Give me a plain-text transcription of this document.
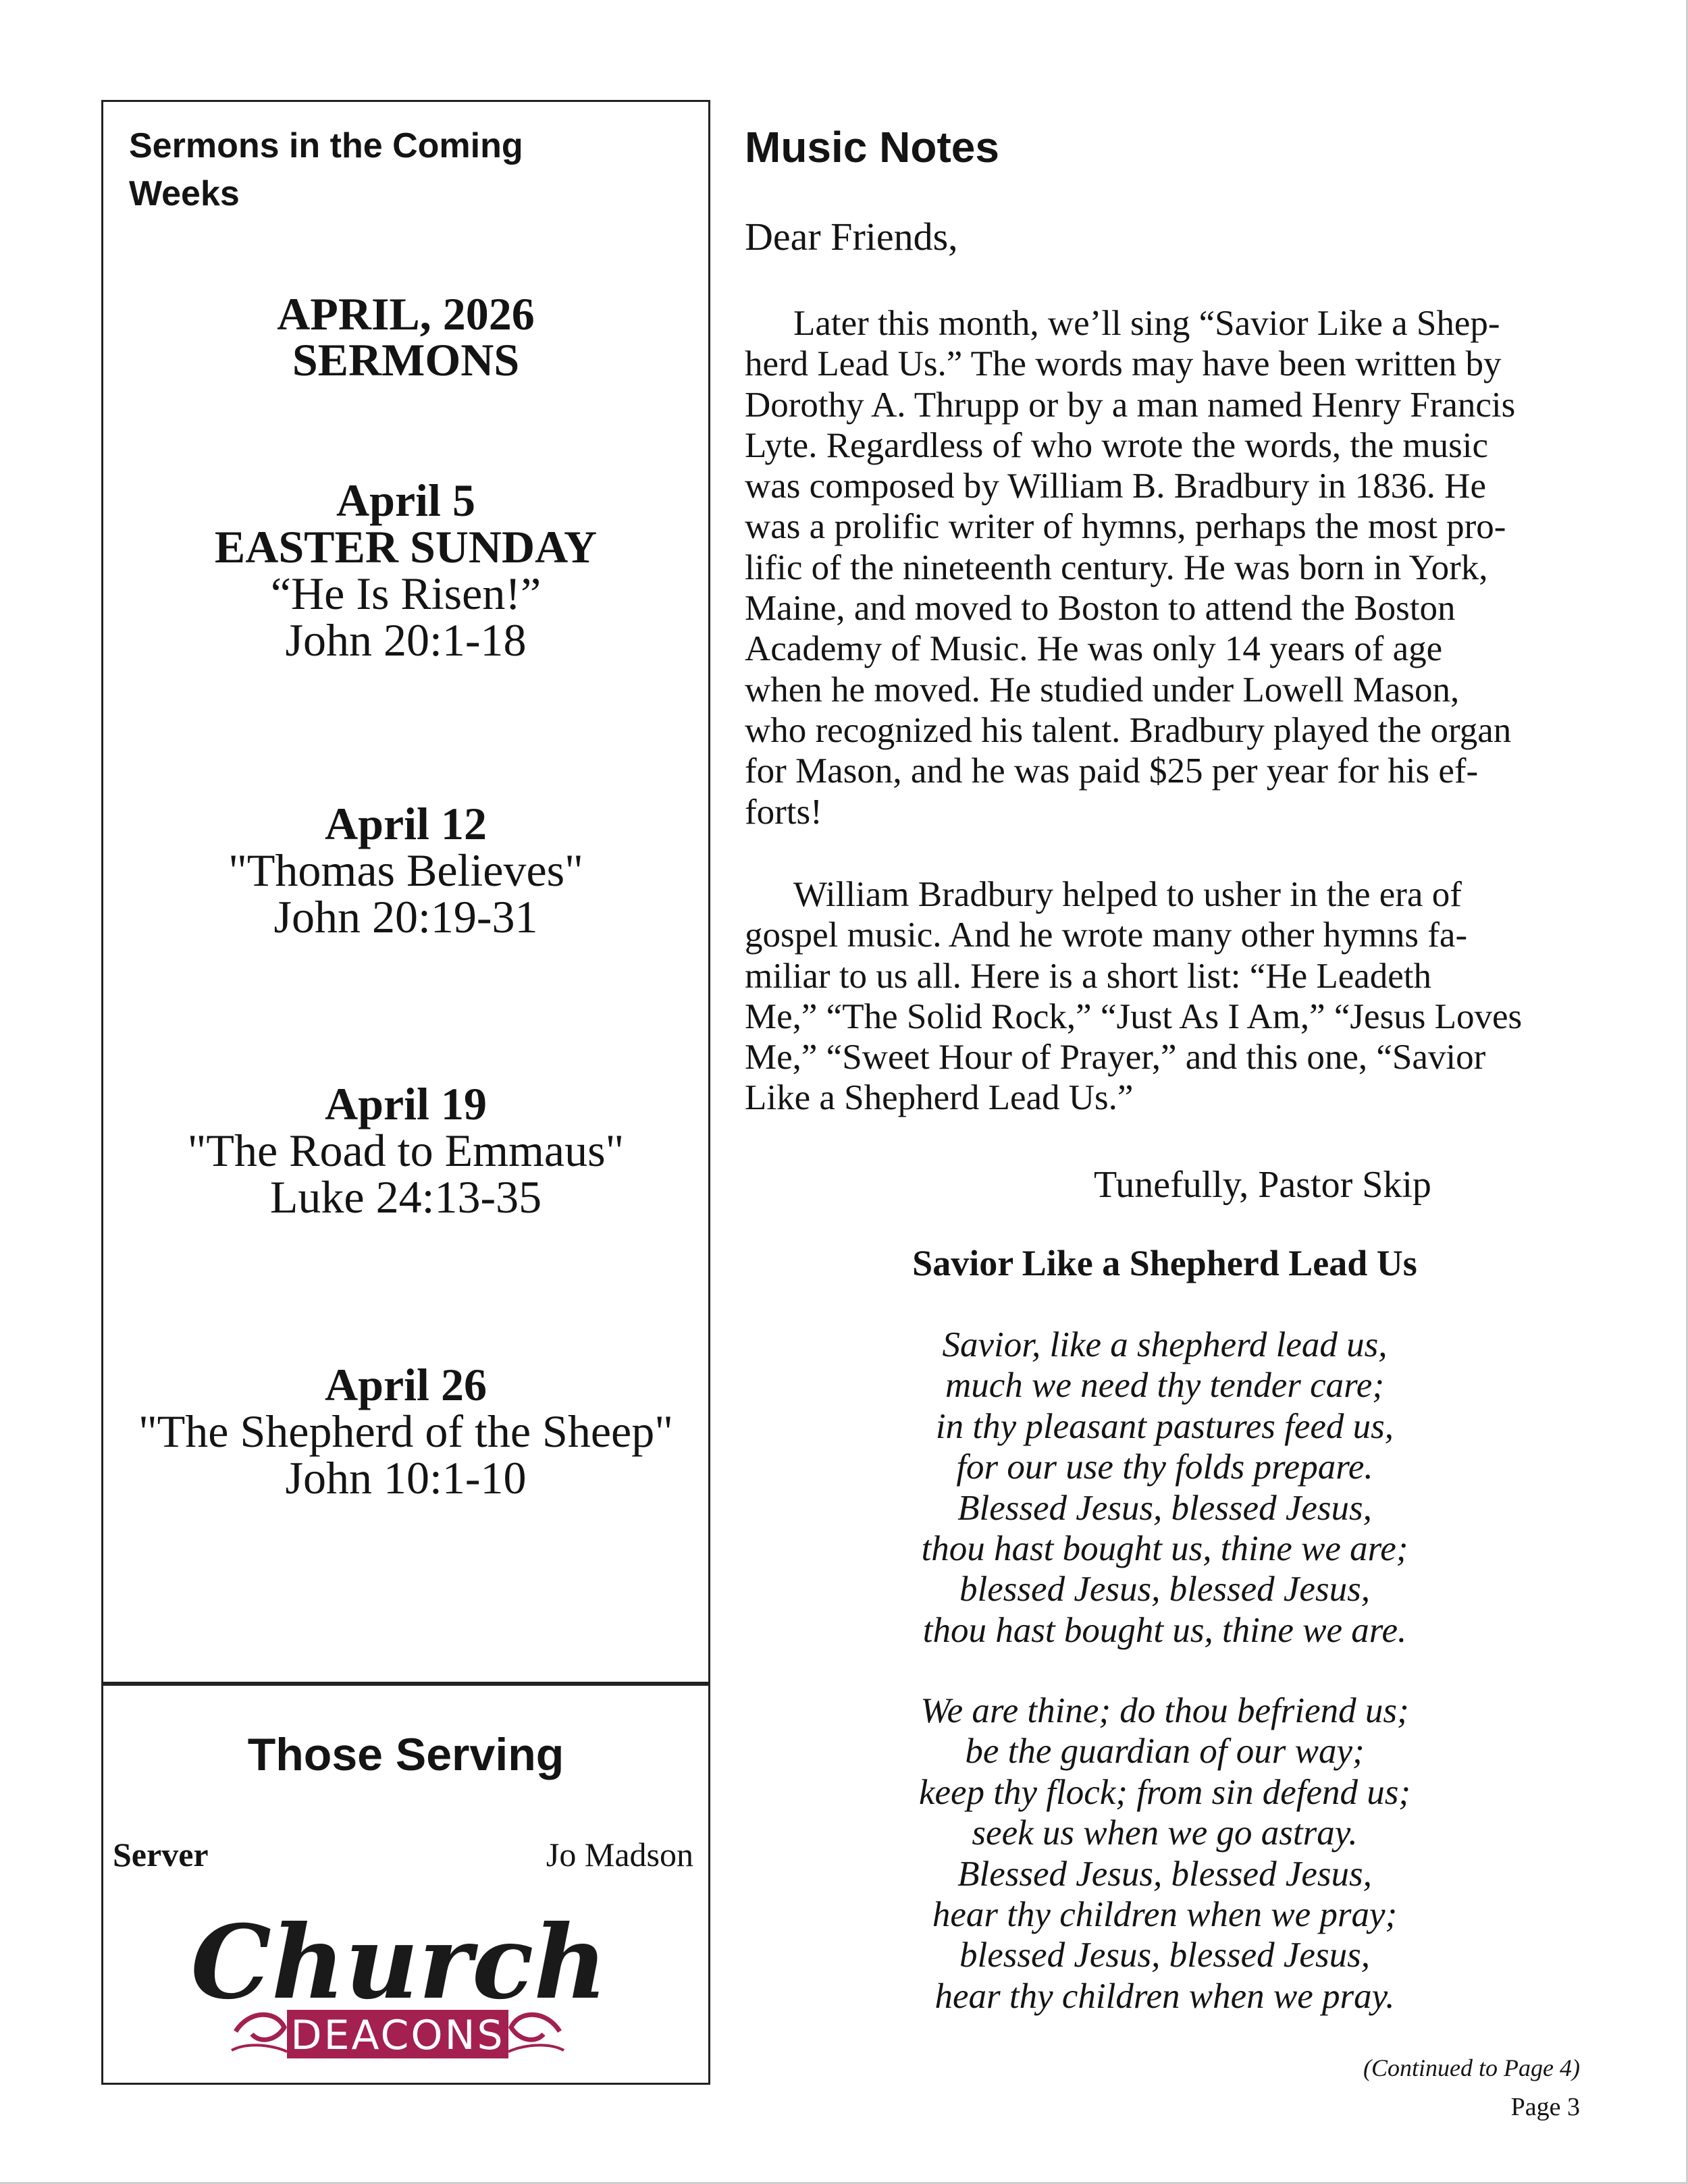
Sermons in the Coming Weeks
APRIL, 2026
SERMONS
April 5
EASTER SUNDAY
“He Is Risen!”
John 20:1-18
April 12
"Thomas Believes"
John 20:19-31
April 19
"The Road to Emmaus"
Luke 24:13-35
April 26
"The Shepherd of the Sheep"
John 10:1-10
Those Serving
Server	Jo Madson
DEACONS
Church
Music Notes
Dear Friends,
Later this month, we’ll sing “Savior Like a Shep-
herd Lead Us.” The words may have been written by
Dorothy A. Thrupp or by a man named Henry Francis
Lyte. Regardless of who wrote the words, the music
was composed by William B. Bradbury in 1836. He
was a prolific writer of hymns, perhaps the most pro-
lific of the nineteenth century. He was born in York,
Maine, and moved to Boston to attend the Boston
Academy of Music. He was only 14 years of age
when he moved. He studied under Lowell Mason,
who recognized his talent. Bradbury played the organ
for Mason, and he was paid $25 per year for his ef-
forts!
William Bradbury helped to usher in the era of
gospel music. And he wrote many other hymns fa-
miliar to us all. Here is a short list: “He Leadeth
Me,” “The Solid Rock,” “Just As I Am,” “Jesus Loves
Me,” “Sweet Hour of Prayer,” and this one, “Savior
Like a Shepherd Lead Us.”
Tunefully, Pastor Skip
Savior Like a Shepherd Lead Us
Savior, like a shepherd lead us,
much we need thy tender care;
in thy pleasant pastures feed us,
for our use thy folds prepare.
Blessed Jesus, blessed Jesus,
thou hast bought us, thine we are;
blessed Jesus, blessed Jesus,
thou hast bought us, thine we are.
We are thine; do thou befriend us;
be the guardian of our way;
keep thy flock; from sin defend us;
seek us when we go astray.
Blessed Jesus, blessed Jesus,
hear thy children when we pray;
blessed Jesus, blessed Jesus,
hear thy children when we pray.
(Continued to Page 4)
Page 3
